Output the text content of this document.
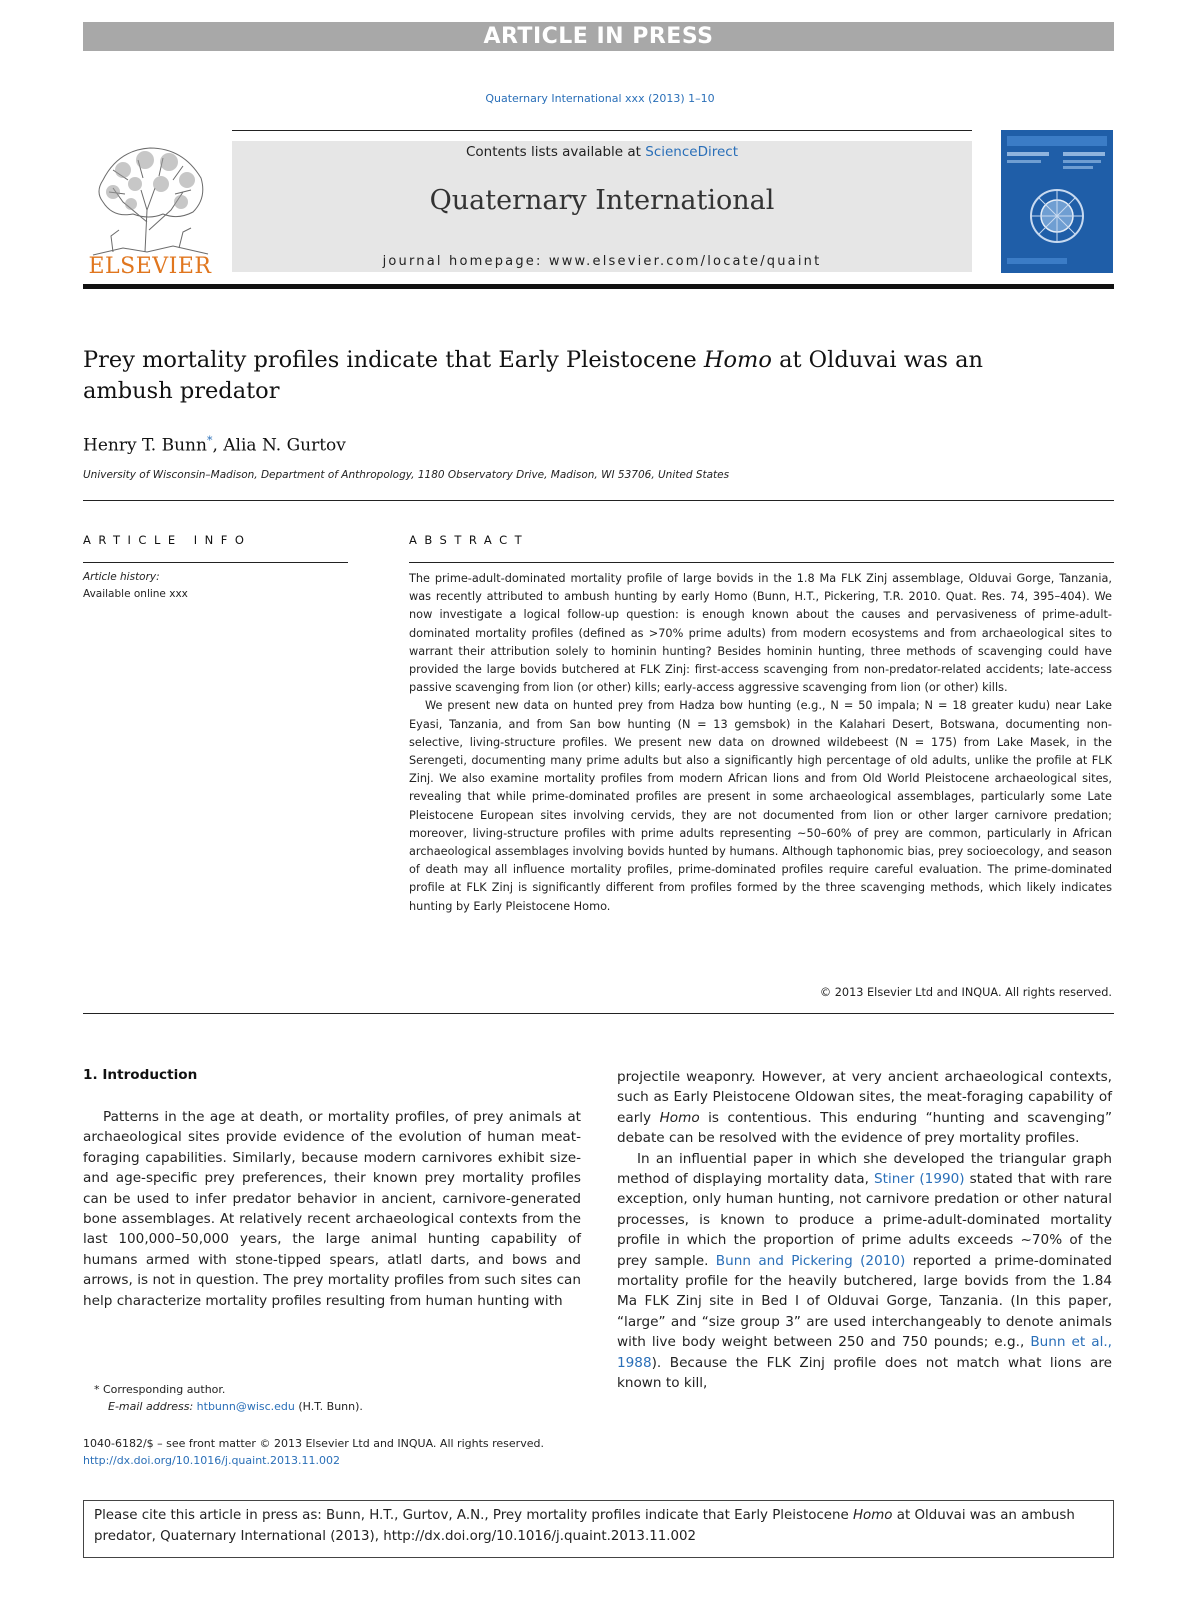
ARTICLE IN PRESS
Quaternary International xxx (2013) 1–10
ELSEVIER
Contents lists available at ScienceDirect
Quaternary International
journal homepage: www.elsevier.com/locate/quaint
Prey mortality profiles indicate that Early Pleistocene Homo at Olduvai was an ambush predator
Henry T. Bunn*, Alia N. Gurtov
University of Wisconsin–Madison, Department of Anthropology, 1180 Observatory Drive, Madison, WI 53706, United States
ARTICLE INFO	ABSTRACT
Article history:
Available online xxx

The prime-adult-dominated mortality profile of large bovids in the 1.8 Ma FLK Zinj assemblage, Olduvai Gorge, Tanzania, was recently attributed to ambush hunting by early Homo (Bunn, H.T., Pickering, T.R. 2010. Quat. Res. 74, 395–404). We now investigate a logical follow-up question: is enough known about the causes and pervasiveness of prime-adult-dominated mortality profiles (defined as >70% prime adults) from modern ecosystems and from archaeological sites to warrant their attribution solely to hominin hunting? Besides hominin hunting, three methods of scavenging could have provided the large bovids butchered at FLK Zinj: first-access scavenging from non-predator-related accidents; late-access passive scavenging from lion (or other) kills; early-access aggressive scavenging from lion (or other) kills.

We present new data on hunted prey from Hadza bow hunting (e.g., N = 50 impala; N = 18 greater kudu) near Lake Eyasi, Tanzania, and from San bow hunting (N = 13 gemsbok) in the Kalahari Desert, Botswana, documenting non-selective, living-structure profiles. We present new data on drowned wildebeest (N = 175) from Lake Masek, in the Serengeti, documenting many prime adults but also a significantly high percentage of old adults, unlike the profile at FLK Zinj. We also examine mortality profiles from modern African lions and from Old World Pleistocene archaeological sites, revealing that while prime-dominated profiles are present in some archaeological assemblages, particularly some Late Pleistocene European sites involving cervids, they are not documented from lion or other larger carnivore predation; moreover, living-structure profiles with prime adults representing ~50–60% of prey are common, particularly in African archaeological assemblages involving bovids hunted by humans. Although taphonomic bias, prey socioecology, and season of death may all influence mortality profiles, prime-dominated profiles require careful evaluation. The prime-dominated profile at FLK Zinj is significantly different from profiles formed by the three scavenging methods, which likely indicates hunting by Early Pleistocene Homo.

© 2013 Elsevier Ltd and INQUA. All rights reserved.
1. Introduction

Patterns in the age at death, or mortality profiles, of prey animals at archaeological sites provide evidence of the evolution of human meat-foraging capabilities. Similarly, because modern carnivores exhibit size- and age-specific prey preferences, their known prey mortality profiles can be used to infer predator behavior in ancient, carnivore-generated bone assemblages. At relatively recent archaeological contexts from the last 100,000–50,000 years, the large animal hunting capability of humans armed with stone-tipped spears, atlatl darts, and bows and arrows, is not in question. The prey mortality profiles from such sites can help characterize mortality profiles resulting from human hunting with

projectile weaponry. However, at very ancient archaeological contexts, such as Early Pleistocene Oldowan sites, the meat-foraging capability of early Homo is contentious. This enduring “hunting and scavenging” debate can be resolved with the evidence of prey mortality profiles.

In an influential paper in which she developed the triangular graph method of displaying mortality data, Stiner (1990) stated that with rare exception, only human hunting, not carnivore predation or other natural processes, is known to produce a prime-adult-dominated mortality profile in which the proportion of prime adults exceeds ~70% of the prey sample. Bunn and Pickering (2010) reported a prime-dominated mortality profile for the heavily butchered, large bovids from the 1.84 Ma FLK Zinj site in Bed I of Olduvai Gorge, Tanzania. (In this paper, “large” and “size group 3” are used interchangeably to denote animals with live body weight between 250 and 750 pounds; e.g., Bunn et al., 1988). Because the FLK Zinj profile does not match what lions are known to kill,

* Corresponding author.
E-mail address: htbunn@wisc.edu (H.T. Bunn).
1040-6182/$ – see front matter © 2013 Elsevier Ltd and INQUA. All rights reserved.
http://dx.doi.org/10.1016/j.quaint.2013.11.002
Please cite this article in press as: Bunn, H.T., Gurtov, A.N., Prey mortality profiles indicate that Early Pleistocene Homo at Olduvai was an ambush predator, Quaternary International (2013), http://dx.doi.org/10.1016/j.quaint.2013.11.002
